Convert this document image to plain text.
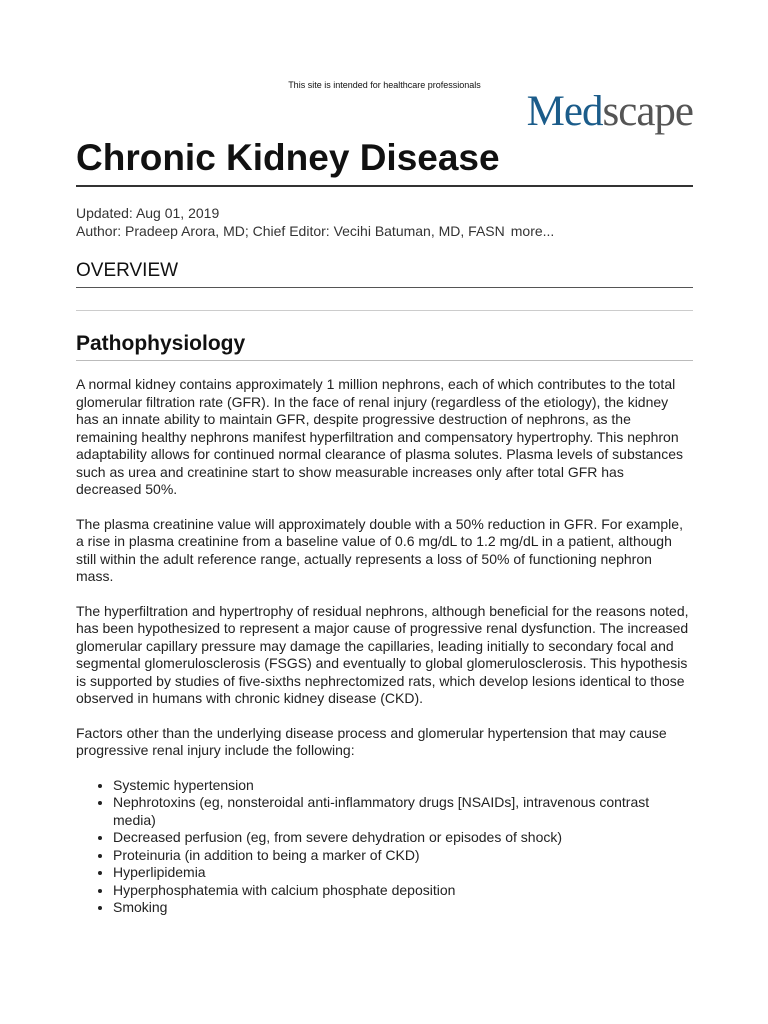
This site is intended for healthcare professionals
Medscape
Chronic Kidney Disease
Updated: Aug 01, 2019
Author: Pradeep Arora, MD; Chief Editor: Vecihi Batuman, MD, FASN more...
OVERVIEW
Pathophysiology

A normal kidney contains approximately 1 million nephrons, each of which contributes to the total glomerular filtration rate (GFR). In the face of renal injury (regardless of the etiology), the kidney has an innate ability to maintain GFR, despite progressive destruction of nephrons, as the remaining healthy nephrons manifest hyperfiltration and compensatory hypertrophy. This nephron adaptability allows for continued normal clearance of plasma solutes. Plasma levels of substances such as urea and creatinine start to show measurable increases only after total GFR has decreased 50%.

The plasma creatinine value will approximately double with a 50% reduction in GFR. For example, a rise in plasma creatinine from a baseline value of 0.6 mg/dL to 1.2 mg/dL in a patient, although still within the adult reference range, actually represents a loss of 50% of functioning nephron mass.

The hyperfiltration and hypertrophy of residual nephrons, although beneficial for the reasons noted, has been hypothesized to represent a major cause of progressive renal dysfunction. The increased glomerular capillary pressure may damage the capillaries, leading initially to secondary focal and segmental glomerulosclerosis (FSGS) and eventually to global glomerulosclerosis. This hypothesis is supported by studies of five-sixths nephrectomized rats, which develop lesions identical to those observed in humans with chronic kidney disease (CKD).

Factors other than the underlying disease process and glomerular hypertension that may cause progressive renal injury include the following:

• Systemic hypertension
• Nephrotoxins (eg, nonsteroidal anti-inflammatory drugs [NSAIDs], intravenous contrast media)
• Decreased perfusion (eg, from severe dehydration or episodes of shock)
• Proteinuria (in addition to being a marker of CKD)
• Hyperlipidemia
• Hyperphosphatemia with calcium phosphate deposition
• Smoking
